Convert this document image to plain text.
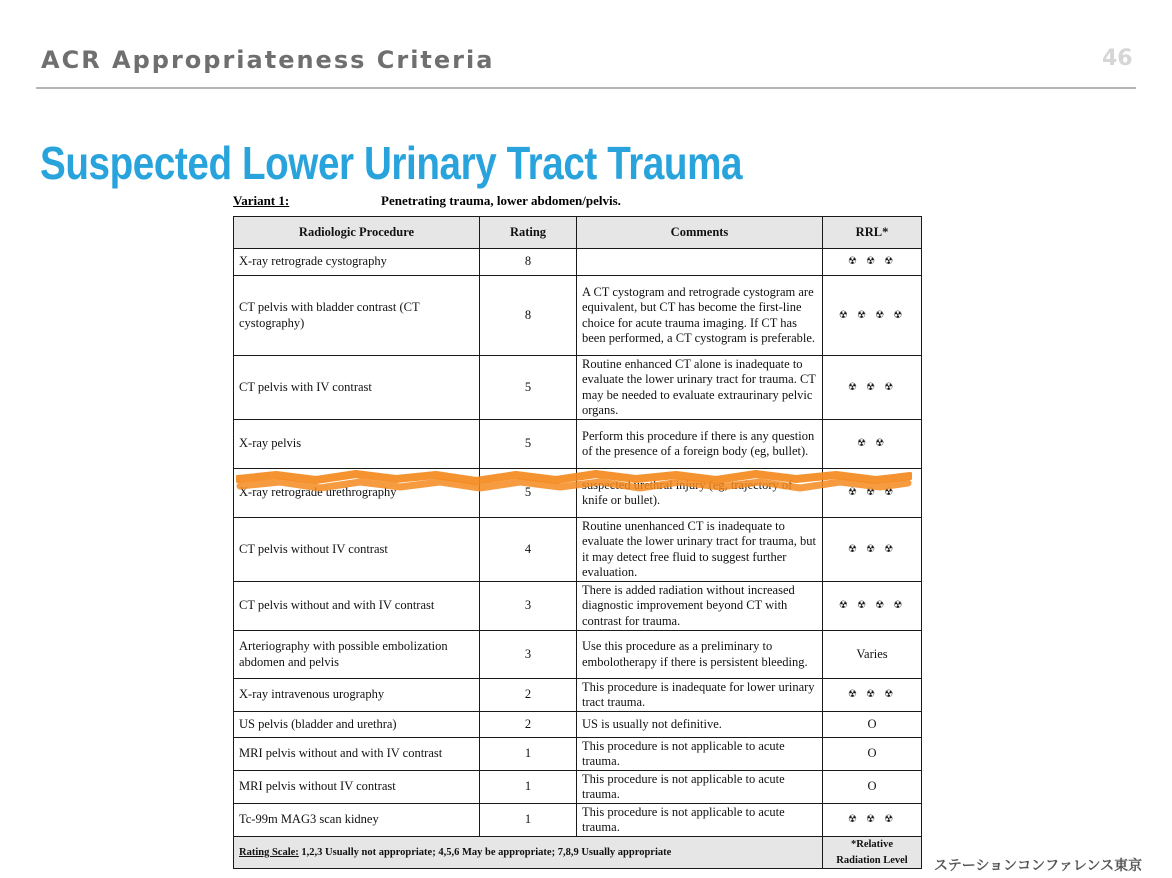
ACR Appropriateness Criteria	46
Suspected Lower Urinary Tract Trauma
Variant 1:	Penetrating trauma, lower abdomen/pelvis.
Radiologic Procedure	Rating	Comments	RRL*
X-ray retrograde cystography	8		☢ ☢ ☢
CT pelvis with bladder contrast (CT cystography)	8	A CT cystogram and retrograde cystogram are equivalent, but CT has become the first-line choice for acute trauma imaging. If CT has been performed, a CT cystogram is preferable.	☢ ☢ ☢ ☢
CT pelvis with IV contrast	5	Routine enhanced CT alone is inadequate to evaluate the lower urinary tract for trauma. CT may be needed to evaluate extraurinary pelvic organs.	☢ ☢ ☢
X-ray pelvis	5	Perform this procedure if there is any question of the presence of a foreign body (eg, bullet).	☢ ☢
X-ray retrograde urethrography	5	suspected urethral injury (eg, trajectory of knife or bullet).	☢ ☢ ☢
CT pelvis without IV contrast	4	Routine unenhanced CT is inadequate to evaluate the lower urinary tract for trauma, but it may detect free fluid to suggest further evaluation.	☢ ☢ ☢
CT pelvis without and with IV contrast	3	There is added radiation without increased diagnostic improvement beyond CT with contrast for trauma.	☢ ☢ ☢ ☢
Arteriography with possible embolization abdomen and pelvis	3	Use this procedure as a preliminary to embolotherapy if there is persistent bleeding.	Varies
X-ray intravenous urography	2	This procedure is inadequate for lower urinary tract trauma.	☢ ☢ ☢
US pelvis (bladder and urethra)	2	US is usually not definitive.	O
MRI pelvis without and with IV contrast	1	This procedure is not applicable to acute trauma.	O
MRI pelvis without IV contrast	1	This procedure is not applicable to acute trauma.	O
Tc-99m MAG3 scan kidney	1	This procedure is not applicable to acute trauma.	☢ ☢ ☢
Rating Scale: 1,2,3 Usually not appropriate; 4,5,6 May be appropriate; 7,8,9 Usually appropriate			*Relative
Radiation Level	ステーションコンファレンス東京
